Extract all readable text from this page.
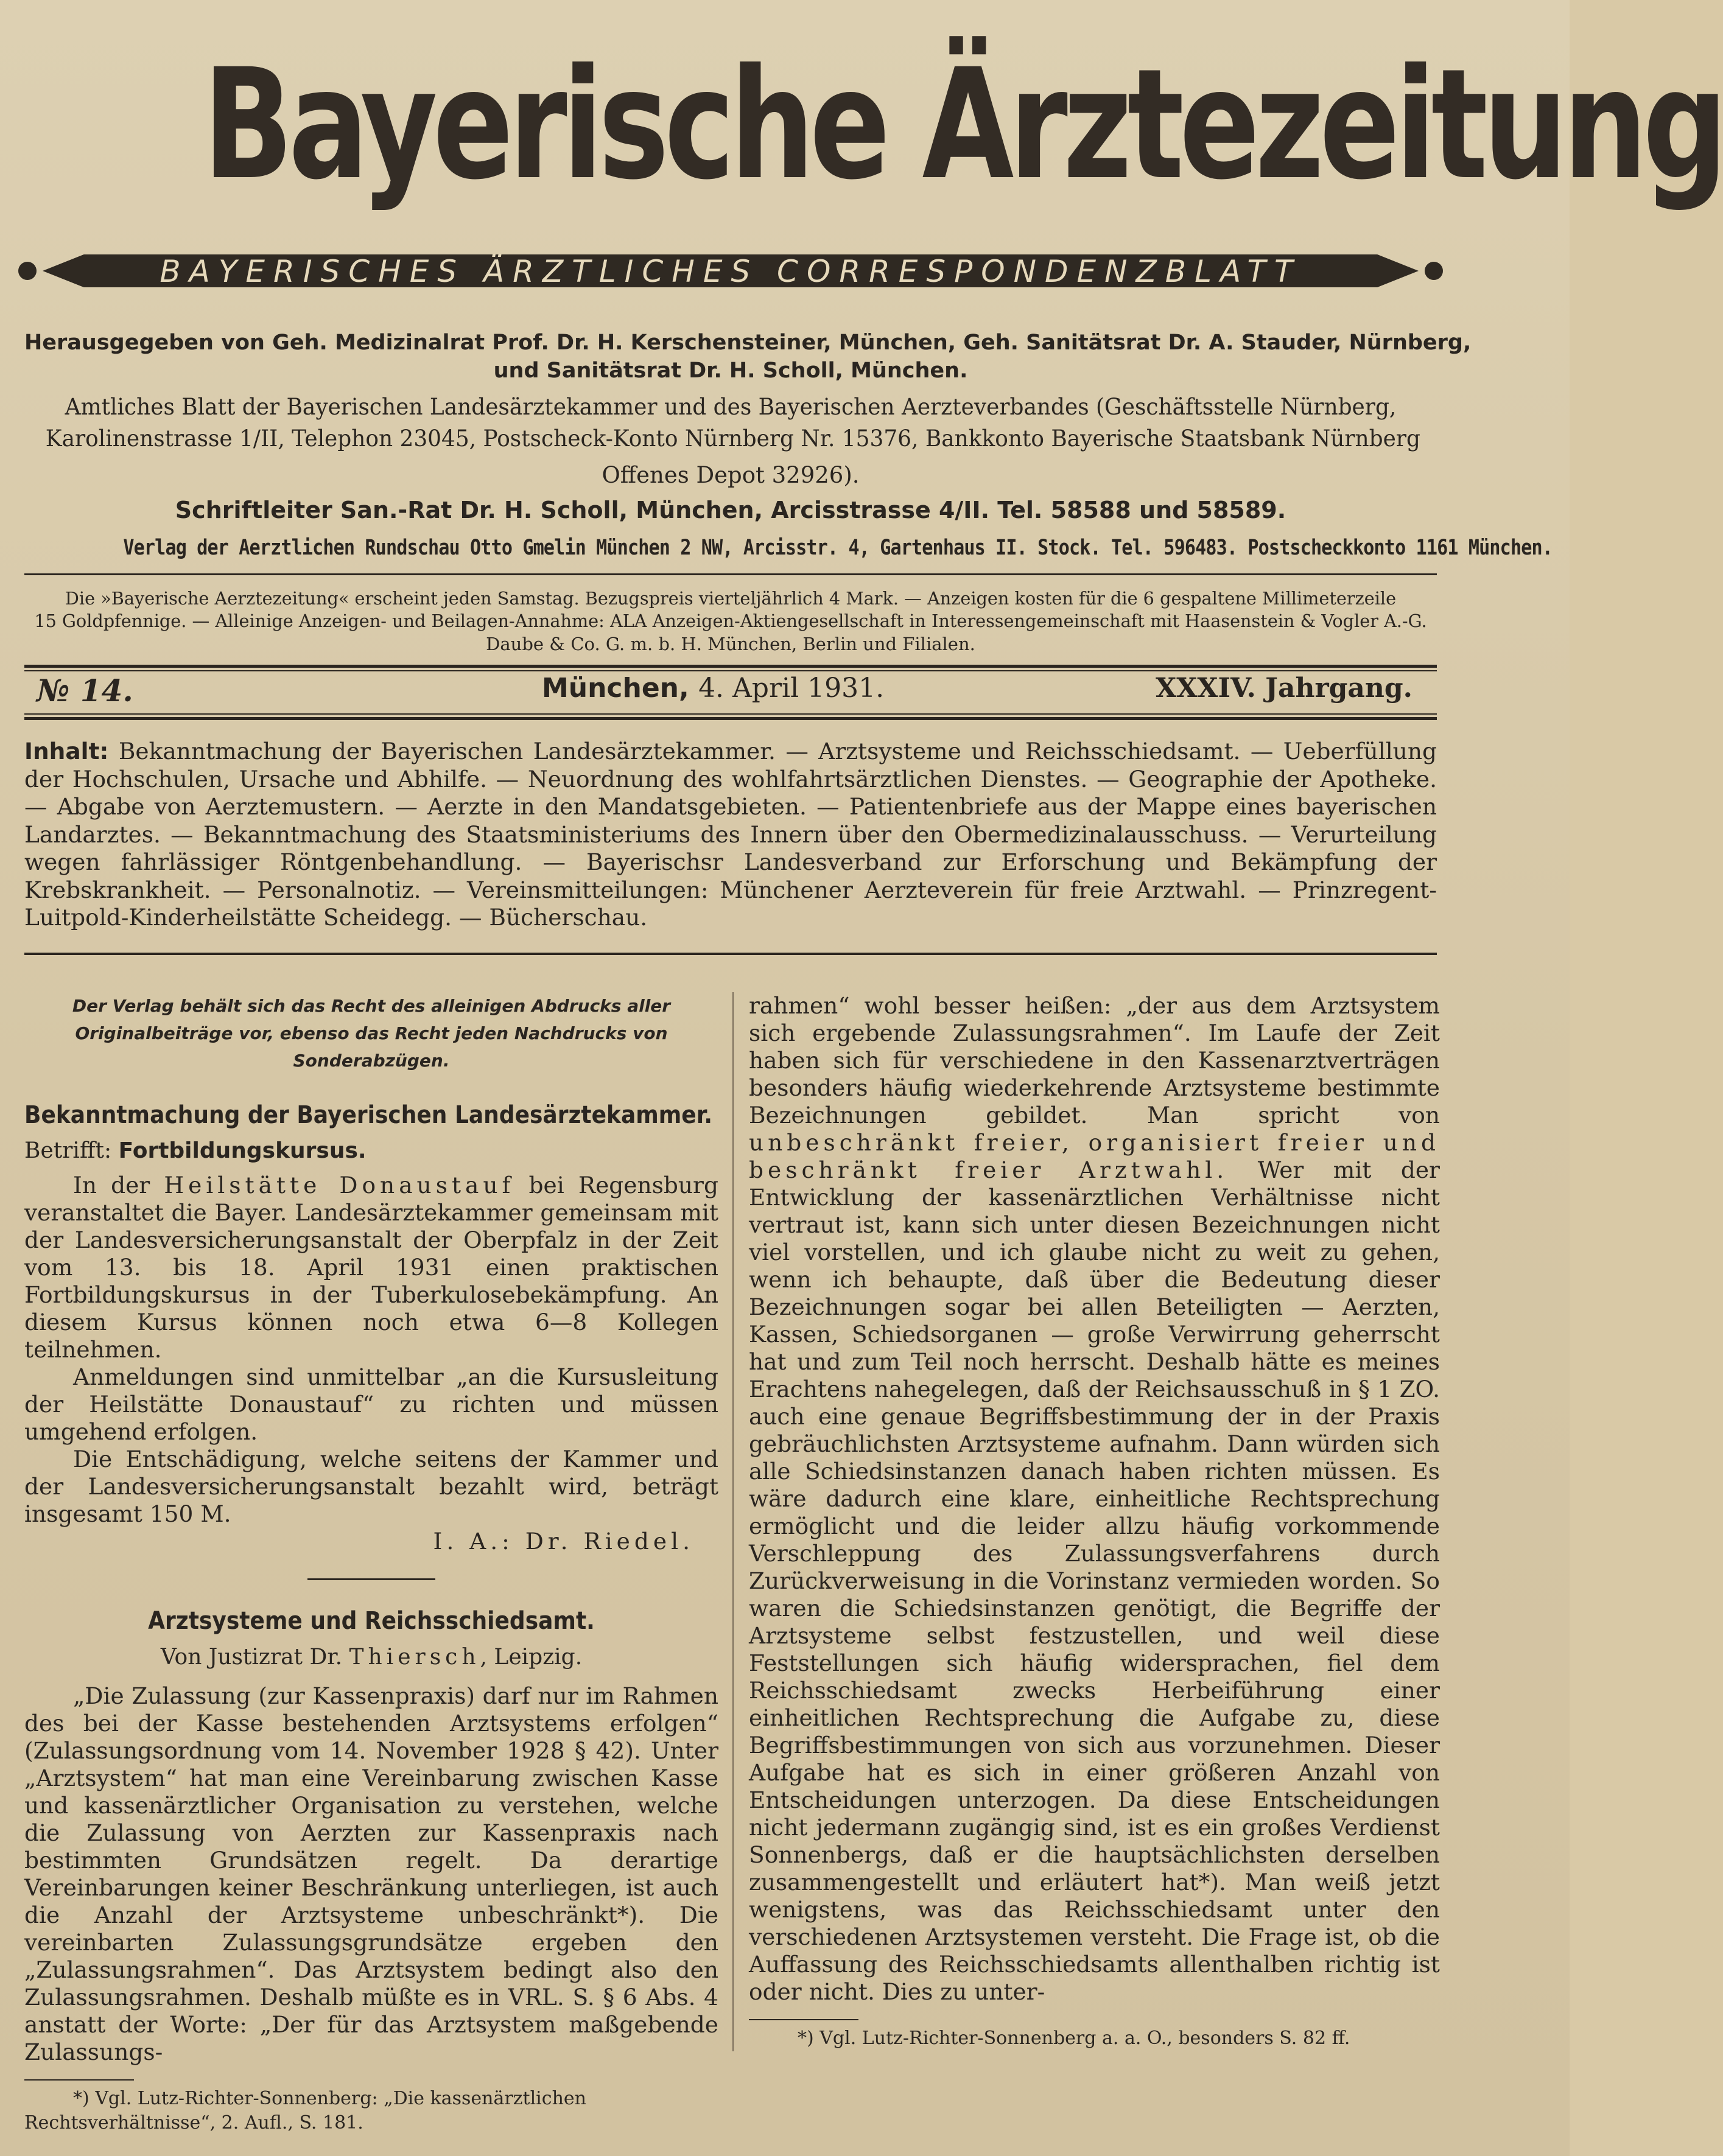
Bayerische Ärztezeitung
BAYERISCHES ÄRZTLICHES CORRESPONDENZBLATT
Herausgegeben von Geh. Medizinalrat Prof. Dr. H. Kerschensteiner, München, Geh. Sanitätsrat Dr. A. Stauder, Nürnberg,
und Sanitätsrat Dr. H. Scholl, München.
Amtliches Blatt der Bayerischen Landesärztekammer und des Bayerischen Aerzteverbandes (Geschäftsstelle Nürnberg,
Karolinenstrasse 1/II, Telephon 23045, Postscheck-Konto Nürnberg Nr. 15376, Bankkonto Bayerische Staatsbank Nürnberg
Offenes Depot 32926).
Schriftleiter San.-Rat Dr. H. Scholl, München, Arcisstrasse 4/II. Tel. 58588 und 58589.
Verlag der Aerztlichen Rundschau Otto Gmelin München 2 NW, Arcisstr. 4, Gartenhaus II. Stock. Tel. 596483. Postscheckkonto 1161 München.
Die »Bayerische Aerztezeitung« erscheint jeden Samstag. Bezugspreis vierteljährlich 4 Mark. — Anzeigen kosten für die 6 gespaltene Millimeterzeile
15 Goldpfennige. — Alleinige Anzeigen- und Beilagen-Annahme: ALA Anzeigen-Aktiengesellschaft in Interessengemeinschaft mit Haasenstein & Vogler A.-G.
Daube & Co. G. m. b. H. München, Berlin und Filialen.
№ 14.	München, 4. April 1931.	XXXIV. Jahrgang.
Inhalt: Bekanntmachung der Bayerischen Landesärztekammer. — Arztsysteme und Reichsschiedsamt. — Ueberfüllung der Hochschulen, Ursache und Abhilfe. — Neuordnung des wohlfahrtsärztlichen Dienstes. — Geographie der Apotheke. — Abgabe von Aerztemustern. — Aerzte in den Mandatsgebieten. — Patientenbriefe aus der Mappe eines bayerischen Landarztes. — Bekanntmachung des Staatsministeriums des Innern über den Obermedizinalausschuss. — Verurteilung wegen fahrlässiger Röntgenbehandlung. — Bayerischsr Landesverband zur Erforschung und Bekämpfung der Krebskrankheit. — Personalnotiz. — Vereinsmitteilungen: Münchener Aerzteverein für freie Arztwahl. — Prinzregent-Luitpold-Kinderheilstätte Scheidegg. — Bücherschau.
Der Verlag behält sich das Recht des alleinigen Abdrucks aller Originalbeiträge vor, ebenso das Recht jeden Nachdrucks von Sonderabzügen.
Bekanntmachung der Bayerischen Landesärztekammer.
Betrifft: Fortbildungskursus.

In der Heilstätte Donaustauf bei Regensburg veranstaltet die Bayer. Landesärztekammer gemeinsam mit der Landesversicherungsanstalt der Oberpfalz in der Zeit vom 13. bis 18. April 1931 einen praktischen Fortbildungskursus in der Tuberkulosebekämpfung. An diesem Kursus können noch etwa 6—8 Kollegen teilnehmen.

Anmeldungen sind unmittelbar „an die Kursusleitung der Heilstätte Donaustauf“ zu richten und müssen umgehend erfolgen.

Die Entschädigung, welche seitens der Kammer und der Landesversicherungsanstalt bezahlt wird, beträgt insgesamt 150 M.

I. A.: Dr. Riedel.
Arztsysteme und Reichsschiedsamt.
Von Justizrat Dr. Thiersch, Leipzig.

„Die Zulassung (zur Kassenpraxis) darf nur im Rahmen des bei der Kasse bestehenden Arztsystems erfolgen“ (Zulassungsordnung vom 14. November 1928 § 42). Unter „Arztsystem“ hat man eine Vereinbarung zwischen Kasse und kassenärztlicher Organisation zu verstehen, welche die Zulassung von Aerzten zur Kassenpraxis nach bestimmten Grundsätzen regelt. Da derartige Vereinbarungen keiner Beschränkung unterliegen, ist auch die Anzahl der Arztsysteme unbeschränkt*). Die vereinbarten Zulassungsgrundsätze ergeben den „Zulassungsrahmen“. Das Arztsystem bedingt also den Zulassungsrahmen. Deshalb müßte es in VRL. S. § 6 Abs. 4 anstatt der Worte: „Der für das Arztsystem maßgebende Zulassungs-

*) Vgl. Lutz-Richter-Sonnenberg: „Die kassenärztlichen Rechtsverhältnisse“, 2. Aufl., S. 181.

rahmen“ wohl besser heißen: „der aus dem Arztsystem sich ergebende Zulassungsrahmen“. Im Laufe der Zeit haben sich für verschiedene in den Kassenarztverträgen besonders häufig wiederkehrende Arztsysteme bestimmte Bezeichnungen gebildet. Man spricht von unbeschränkt freier, organisiert freier und beschränkt freier Arztwahl. Wer mit der Entwicklung der kassenärztlichen Verhältnisse nicht vertraut ist, kann sich unter diesen Bezeichnungen nicht viel vorstellen, und ich glaube nicht zu weit zu gehen, wenn ich behaupte, daß über die Bedeutung dieser Bezeichnungen sogar bei allen Beteiligten — Aerzten, Kassen, Schiedsorganen — große Verwirrung geherrscht hat und zum Teil noch herrscht. Deshalb hätte es meines Erachtens nahegelegen, daß der Reichsausschuß in § 1 ZO. auch eine genaue Begriffsbestimmung der in der Praxis gebräuchlichsten Arztsysteme aufnahm. Dann würden sich alle Schiedsinstanzen danach haben richten müssen. Es wäre dadurch eine klare, einheitliche Rechtsprechung ermöglicht und die leider allzu häufig vorkommende Verschleppung des Zulassungsverfahrens durch Zurückverweisung in die Vorinstanz vermieden worden. So waren die Schiedsinstanzen genötigt, die Begriffe der Arztsysteme selbst festzustellen, und weil diese Feststellungen sich häufig widersprachen, fiel dem Reichsschiedsamt zwecks Herbeiführung einer einheitlichen Rechtsprechung die Aufgabe zu, diese Begriffsbestimmungen von sich aus vorzunehmen. Dieser Aufgabe hat es sich in einer größeren Anzahl von Entscheidungen unterzogen. Da diese Entscheidungen nicht jedermann zugängig sind, ist es ein großes Verdienst Sonnenbergs, daß er die hauptsächlichsten derselben zusammengestellt und erläutert hat*). Man weiß jetzt wenigstens, was das Reichsschiedsamt unter den verschiedenen Arztsystemen versteht. Die Frage ist, ob die Auffassung des Reichsschiedsamts allenthalben richtig ist oder nicht. Dies zu unter-

*) Vgl. Lutz-Richter-Sonnenberg a. a. O., besonders S. 82 ff.
